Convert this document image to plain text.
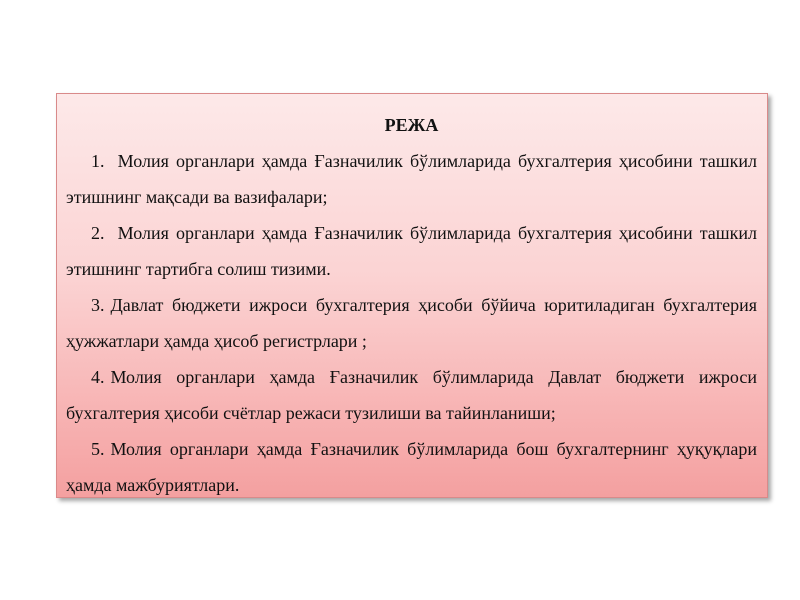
РЕЖА

1. Молия органлари ҳамда Ғазначилик бўлимларида бухгалтерия ҳисобини ташкил этишнинг мақсади ва вазифалари;

2. Молия органлари ҳамда Ғазначилик бўлимларида бухгалтерия ҳисобини ташкил этишнинг тартибга солиш тизими.

3. Давлат бюджети ижроси бухгалтерия ҳисоби бўйича юритиладиган бухгалтерия ҳужжатлари ҳамда ҳисоб регистрлари ;

4. Молия органлари ҳамда Ғазначилик бўлимларида Давлат бюджети ижроси бухгалтерия ҳисоби счётлар режаси тузилиши ва тайинланиши;

5. Молия органлари ҳамда Ғазначилик бўлимларида бош бухгалтернинг ҳуқуқлари ҳамда мажбуриятлари.
